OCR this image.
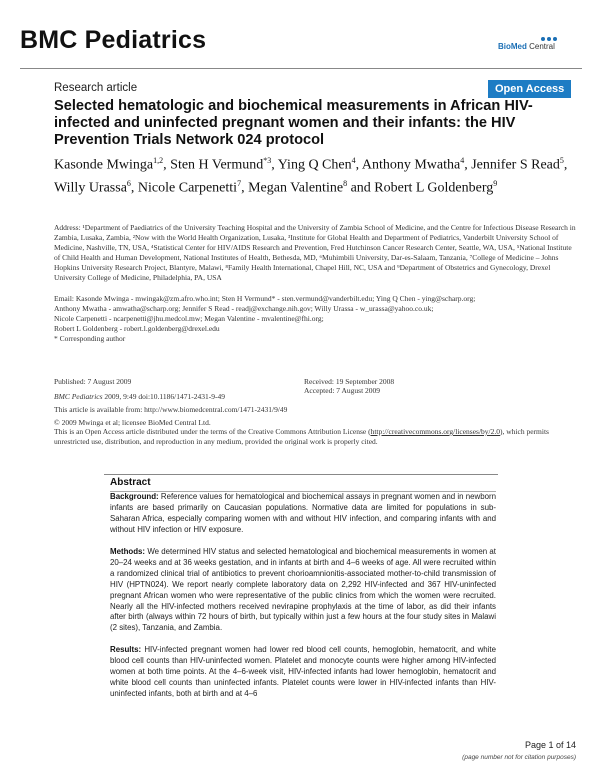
BMC Pediatrics	BioMed Central
Research article	Open Access
Selected hematologic and biochemical measurements in African HIV-infected and uninfected pregnant women and their infants: the HIV Prevention Trials Network 024 protocol
Kasonde Mwinga$^{1,2}$, Sten H Vermund$^{*3}$, Ying Q Chen$^4$, Anthony Mwatha$^4$, Jennifer S Read$^5$, Willy Urassa$^6$, Nicole Carpenetti$^7$, Megan Valentine$^8$ and Robert L Goldenberg$^9$
Address: ¹Department of Paediatrics of the University Teaching Hospital and the University of Zambia School of Medicine, and the Centre for Infectious Disease Research in Zambia, Lusaka, Zambia, ²Now with the World Health Organization, Lusaka, ³Institute for Global Health and Department of Pediatrics, Vanderbilt University School of Medicine, Nashville, TN, USA, ⁴Statistical Center for HIV/AIDS Research and Prevention, Fred Hutchinson Cancer Research Center, Seattle, WA, USA, ⁵National Institute of Child Health and Human Development, National Institutes of Health, Bethesda, MD, ⁶Muhimbili University, Dar-es-Salaam, Tanzania, ⁷College of Medicine – Johns Hopkins University Research Project, Blantyre, Malawi, ⁸Family Health International, Chapel Hill, NC, USA and ⁹Department of Obstetrics and Gynecology, Drexel University College of Medicine, Philadelphia, PA, USA
Email: Kasonde Mwinga - mwingak@zm.afro.who.int; Sten H Vermund* - sten.vermund@vanderbilt.edu; Ying Q Chen - ying@scharp.org;
Anthony Mwatha - amwatha@scharp.org; Jennifer S Read - readj@exchange.nih.gov; Willy Urassa - w_urassa@yahoo.co.uk;
Nicole Carpenetti - ncarpenetti@jhu.medcol.mw; Megan Valentine - mvalentine@fhi.org;
Robert L Goldenberg - robert.l.goldenberg@drexel.edu
* Corresponding author
Published: 7 August 2009	Received: 19 September 2008
Accepted: 7 August 2009
BMC Pediatrics 2009, 9:49 doi:10.1186/1471-2431-9-49
This article is available from: http://www.biomedcentral.com/1471-2431/9/49
© 2009 Mwinga et al; licensee BioMed Central Ltd.
This is an Open Access article distributed under the terms of the Creative Commons Attribution License (http://creativecommons.org/licenses/by/2.0), which permits unrestricted use, distribution, and reproduction in any medium, provided the original work is properly cited.
Abstract
Background: Reference values for hematological and biochemical assays in pregnant women and in newborn infants are based primarily on Caucasian populations. Normative data are limited for populations in sub-Saharan Africa, especially comparing women with and without HIV infection, and comparing infants with and without HIV infection or HIV exposure.
Methods: We determined HIV status and selected hematological and biochemical measurements in women at 20–24 weeks and at 36 weeks gestation, and in infants at birth and 4–6 weeks of age. All were recruited within a randomized clinical trial of antibiotics to prevent chorioamnionitis-associated mother-to-child transmission of HIV (HPTN024). We report nearly complete laboratory data on 2,292 HIV-infected and 367 HIV-uninfected pregnant African women who were representative of the public clinics from which the women were recruited. Nearly all the HIV-infected mothers received nevirapine prophylaxis at the time of labor, as did their infants after birth (always within 72 hours of birth, but typically within just a few hours at the four study sites in Malawi (2 sites), Tanzania, and Zambia.
Results: HIV-infected pregnant women had lower red blood cell counts, hemoglobin, hematocrit, and white blood cell counts than HIV-uninfected women. Platelet and monocyte counts were higher among HIV-infected women at both time points. At the 4–6-week visit, HIV-infected infants had lower hemoglobin, hematocrit and white blood cell counts than uninfected infants. Platelet counts were lower in HIV-infected infants than HIV-uninfected infants, both at birth and at 4–6
Page 1 of 14
(page number not for citation purposes)
